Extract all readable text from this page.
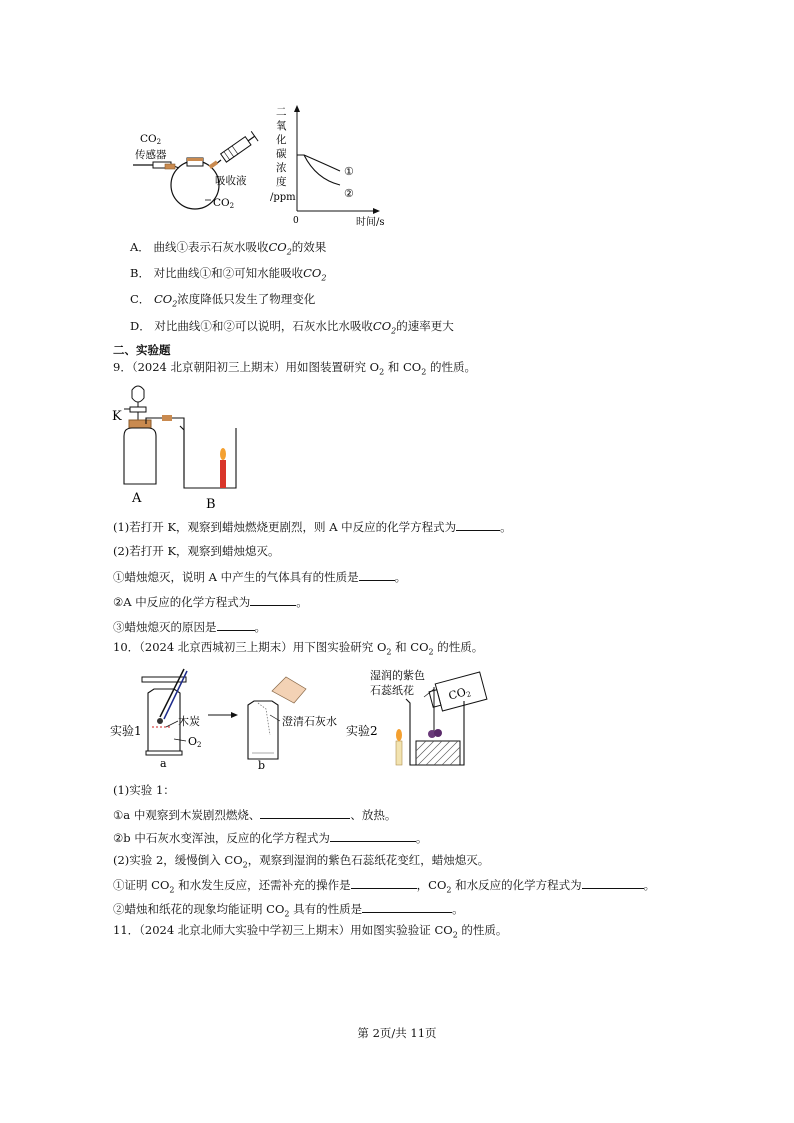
CO2
传感器
吸收液
CO2
二
氧
化
碳
浓
度
/ppm
0	时间/s
①
②
A． 曲线①表示石灰水吸收$CO_2$的效果
B． 对比曲线①和②可知水能吸收$CO_2$
C． $CO_2$浓度降低只发生了物理变化
D． 对比曲线①和②可以说明，石灰水比水吸收$CO_2$的速率更大
二、实验题
9．（2024 北京朝阳初三上期末）用如图装置研究 $O_2$ 和 $CO_2$ 的性质。
K
A	B
(1)若打开 K，观察到蜡烛燃烧更剧烈，则 A 中反应的化学方程式为	。
(2)若打开 K，观察到蜡烛熄灭。
①蜡烛熄灭，说明 A 中产生的气体具有的性质是	。
②A 中反应的化学方程式为	。
③蜡烛熄灭的原因是	。
10．（2024 北京西城初三上期末）用下图实验研究 $O_2$ 和 $CO_2$ 的性质。
实验1
木炭
O2
a
澄清石灰水
b
实验2
湿润的紫色
石蕊纸花	CO2
(1)实验 1：
①a 中观察到木炭剧烈燃烧、	、放热。
②b 中石灰水变浑浊，反应的化学方程式为	。
(2)实验 2，缓慢倒入 $CO_2$，观察到湿润的紫色石蕊纸花变红，蜡烛熄灭。
①证明 $CO_2$ 和水发生反应，还需补充的操作是	，$CO_2$ 和水反应的化学方程式为	。
②蜡烛和纸花的现象均能证明 $CO_2$ 具有的性质是	。
11．（2024 北京北师大实验中学初三上期末）用如图实验验证 $CO_2$ 的性质。
第 2页/共 11页
